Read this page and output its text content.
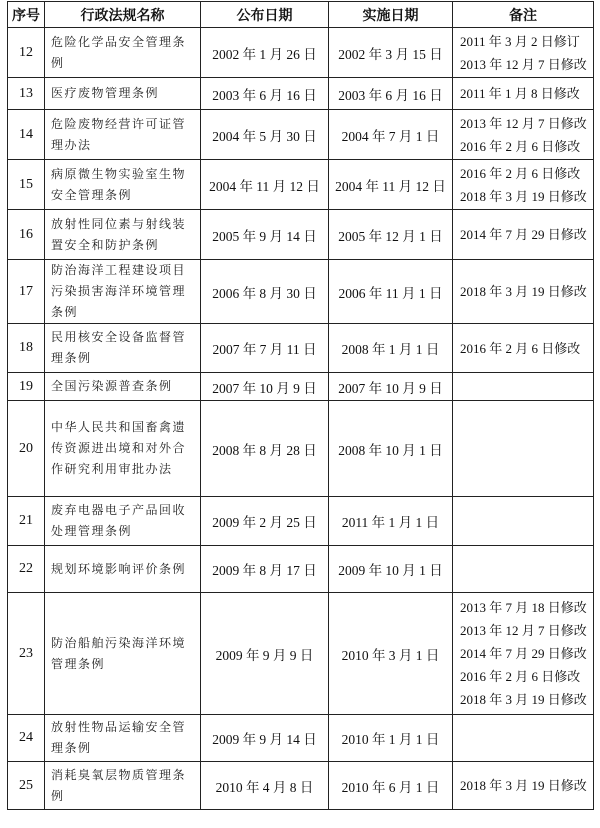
序号	行政法规名称	公布日期	实施日期	备注
12	危险化学品安全管理条例	2002 年 1 月 26 日	2002 年 3 月 15 日	2011 年 3 月 2 日修订
2013 年 12 月 7 日修改

13	医疗废物管理条例	2003 年 6 月 16 日	2003 年 6 月 16 日	2011 年 1 月 8 日修改

14	危险废物经营许可证管理办法	2004 年 5 月 30 日	2004 年 7 月 1 日	2013 年 12 月 7 日修改
2016 年 2 月 6 日修改

15	病原微生物实验室生物安全管理条例	2004 年 11 月 12 日	2004 年 11 月 12 日	2016 年 2 月 6 日修改
2018 年 3 月 19 日修改

16	放射性同位素与射线装置安全和防护条例	2005 年 9 月 14 日	2005 年 12 月 1 日	2014 年 7 月 29 日修改

17	防治海洋工程建设项目污染损害海洋环境管理条例	2006 年 8 月 30 日	2006 年 11 月 1 日	2018 年 3 月 19 日修改

18	民用核安全设备监督管理条例	2007 年 7 月 11 日	2008 年 1 月 1 日	2016 年 2 月 6 日修改

19	全国污染源普查条例	2007 年 10 月 9 日	2007 年 10 月 9 日	
20	中华人民共和国畜禽遗传资源进出境和对外合作研究利用审批办法	2008 年 8 月 28 日	2008 年 10 月 1 日	
21	废弃电器电子产品回收处理管理条例	2009 年 2 月 25 日	2011 年 1 月 1 日	
22	规划环境影响评价条例	2009 年 8 月 17 日	2009 年 10 月 1 日	
23	防治船舶污染海洋环境管理条例	2009 年 9 月 9 日	2010 年 3 月 1 日	2013 年 7 月 18 日修改
2013 年 12 月 7 日修改
2014 年 7 月 29 日修改
2016 年 2 月 6 日修改
2018 年 3 月 19 日修改

24	放射性物品运输安全管理条例	2009 年 9 月 14 日	2010 年 1 月 1 日	
25	消耗臭氧层物质管理条例	2010 年 4 月 8 日	2010 年 6 月 1 日	2018 年 3 月 19 日修改
